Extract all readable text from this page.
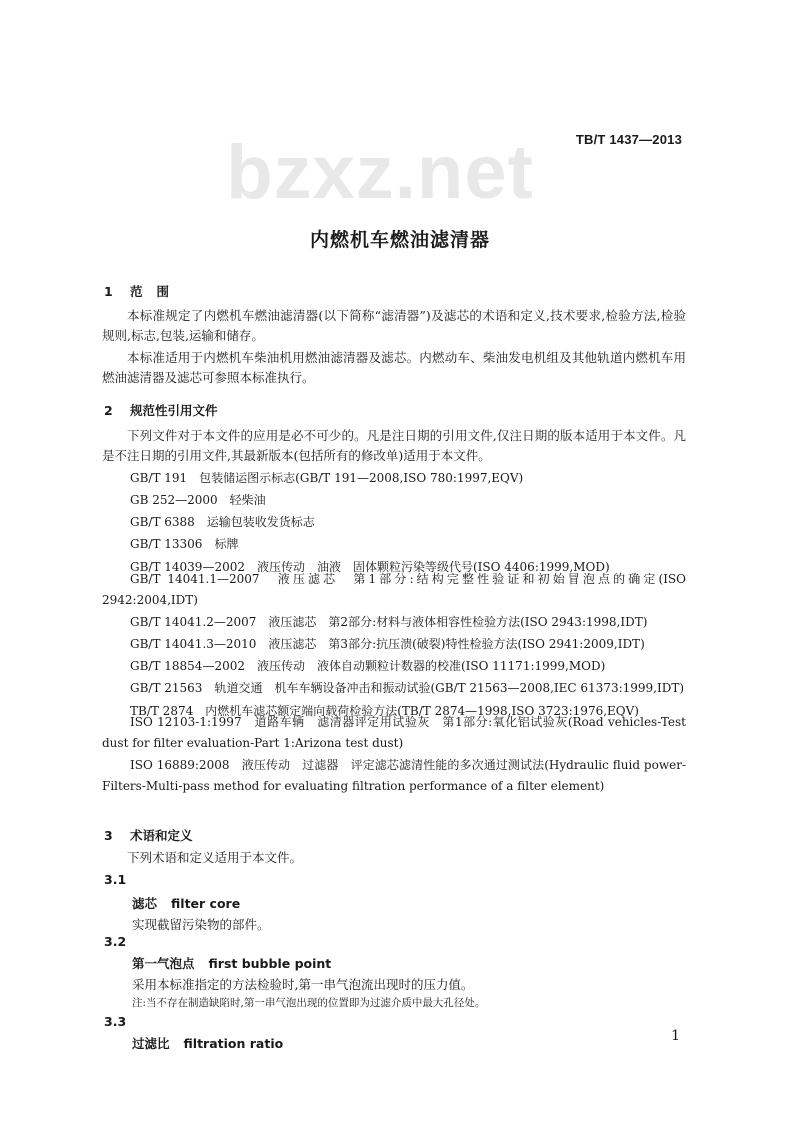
bzxz.net	TB/T 1437—2013
内燃机车燃油滤清器
1 范围
本标准规定了内燃机车燃油滤清器(以下简称“滤清器”)及滤芯的术语和定义,技术要求,检验方法,检验规则,标志,包装,运输和储存。
本标准适用于内燃机车柴油机用燃油滤清器及滤芯。内燃动车、柴油发电机组及其他轨道内燃机车用燃油滤清器及滤芯可参照本标准执行。
2 规范性引用文件
下列文件对于本文件的应用是必不可少的。凡是注日期的引用文件,仅注日期的版本适用于本文件。凡是不注日期的引用文件,其最新版本(包括所有的修改单)适用于本文件。
GB/T 191　包装储运图示标志(GB/T 191—2008,ISO 780:1997,EQV)
GB 252—2000　轻柴油
GB/T 6388　运输包装收发货标志
GB/T 13306　标牌
GB/T 14039—2002　液压传动　油液　固体颗粒污染等级代号(ISO 4406:1999,MOD)
GB/T 14041.1—2007　液压滤芯　第1部分:结构完整性验证和初始冒泡点的确定(ISO 2942:2004,IDT)
GB/T 14041.2—2007　液压滤芯　第2部分:材料与液体相容性检验方法(ISO 2943:1998,IDT)
GB/T 14041.3—2010　液压滤芯　第3部分:抗压溃(破裂)特性检验方法(ISO 2941:2009,IDT)
GB/T 18854—2002　液压传动　液体自动颗粒计数器的校准(ISO 11171:1999,MOD)
GB/T 21563　轨道交通　机车车辆设备冲击和振动试验(GB/T 21563—2008,IEC 61373:1999,IDT)
TB/T 2874　内燃机车滤芯额定端向载荷检验方法(TB/T 2874—1998,ISO 3723:1976,EQV)
ISO 12103-1:1997　道路车辆　滤清器评定用试验灰　第1部分:氧化铝试验灰(Road vehicles-Test dust for filter evaluation-Part 1:Arizona test dust)
ISO 16889:2008　液压传动　过滤器　评定滤芯滤清性能的多次通过测试法(Hydraulic fluid power-Filters-Multi-pass method for evaluating filtration performance of a filter element)
3 术语和定义
下列术语和定义适用于本文件。
3.1
滤芯 filter core
实现截留污染物的部件。
3.2
第一气泡点 first bubble point
采用本标准指定的方法检验时,第一串气泡流出现时的压力值。
注:当不存在制造缺陷时,第一串气泡出现的位置即为过滤介质中最大孔径处。
3.3
过滤比 filtration ratio	1
